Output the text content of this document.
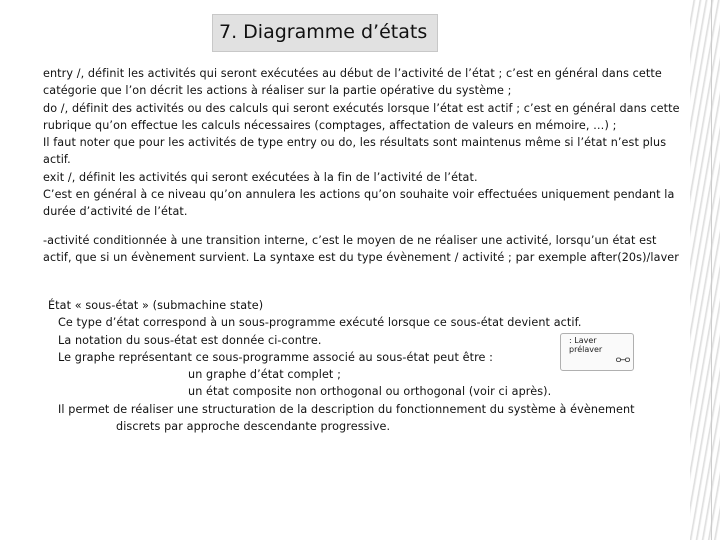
7. Diagramme d’états
entry /, définit les activités qui seront exécutées au début de l’activité de l’état ; c’est en général dans cette
catégorie que l’on décrit les actions à réaliser sur la partie opérative du système ;
do /, définit des activités ou des calculs qui seront exécutés lorsque l’état est actif ; c’est en général dans cette
rubrique qu’on effectue les calculs nécessaires (comptages, affectation de valeurs en mémoire, …) ;
Il faut noter que pour les activités de type entry ou do, les résultats sont maintenus même si l’état n’est plus
actif.
exit /, définit les activités qui seront exécutées à la fin de l’activité de l’état.
C’est en général à ce niveau qu’on annulera les actions qu’on souhaite voir effectuées uniquement pendant la
durée d’activité de l’état.
-activité conditionnée à une transition interne, c’est le moyen de ne réaliser une activité, lorsqu’un état est
actif, que si un évènement survient. La syntaxe est du type évènement / activité ; par exemple after(20s)/laver
État « sous-état » (submachine state)
Ce type d’état correspond à un sous-programme exécuté lorsque ce sous-état devient actif.
La notation du sous-état est donnée ci-contre.
Le graphe représentant ce sous-programme associé au sous-état peut être :
un graphe d’état complet ;
un état composite non orthogonal ou orthogonal (voir ci après).
Il permet de réaliser une structuration de la description du fonctionnement du système à évènement
discrets par approche descendante progressive.
: Laver
prélaver
